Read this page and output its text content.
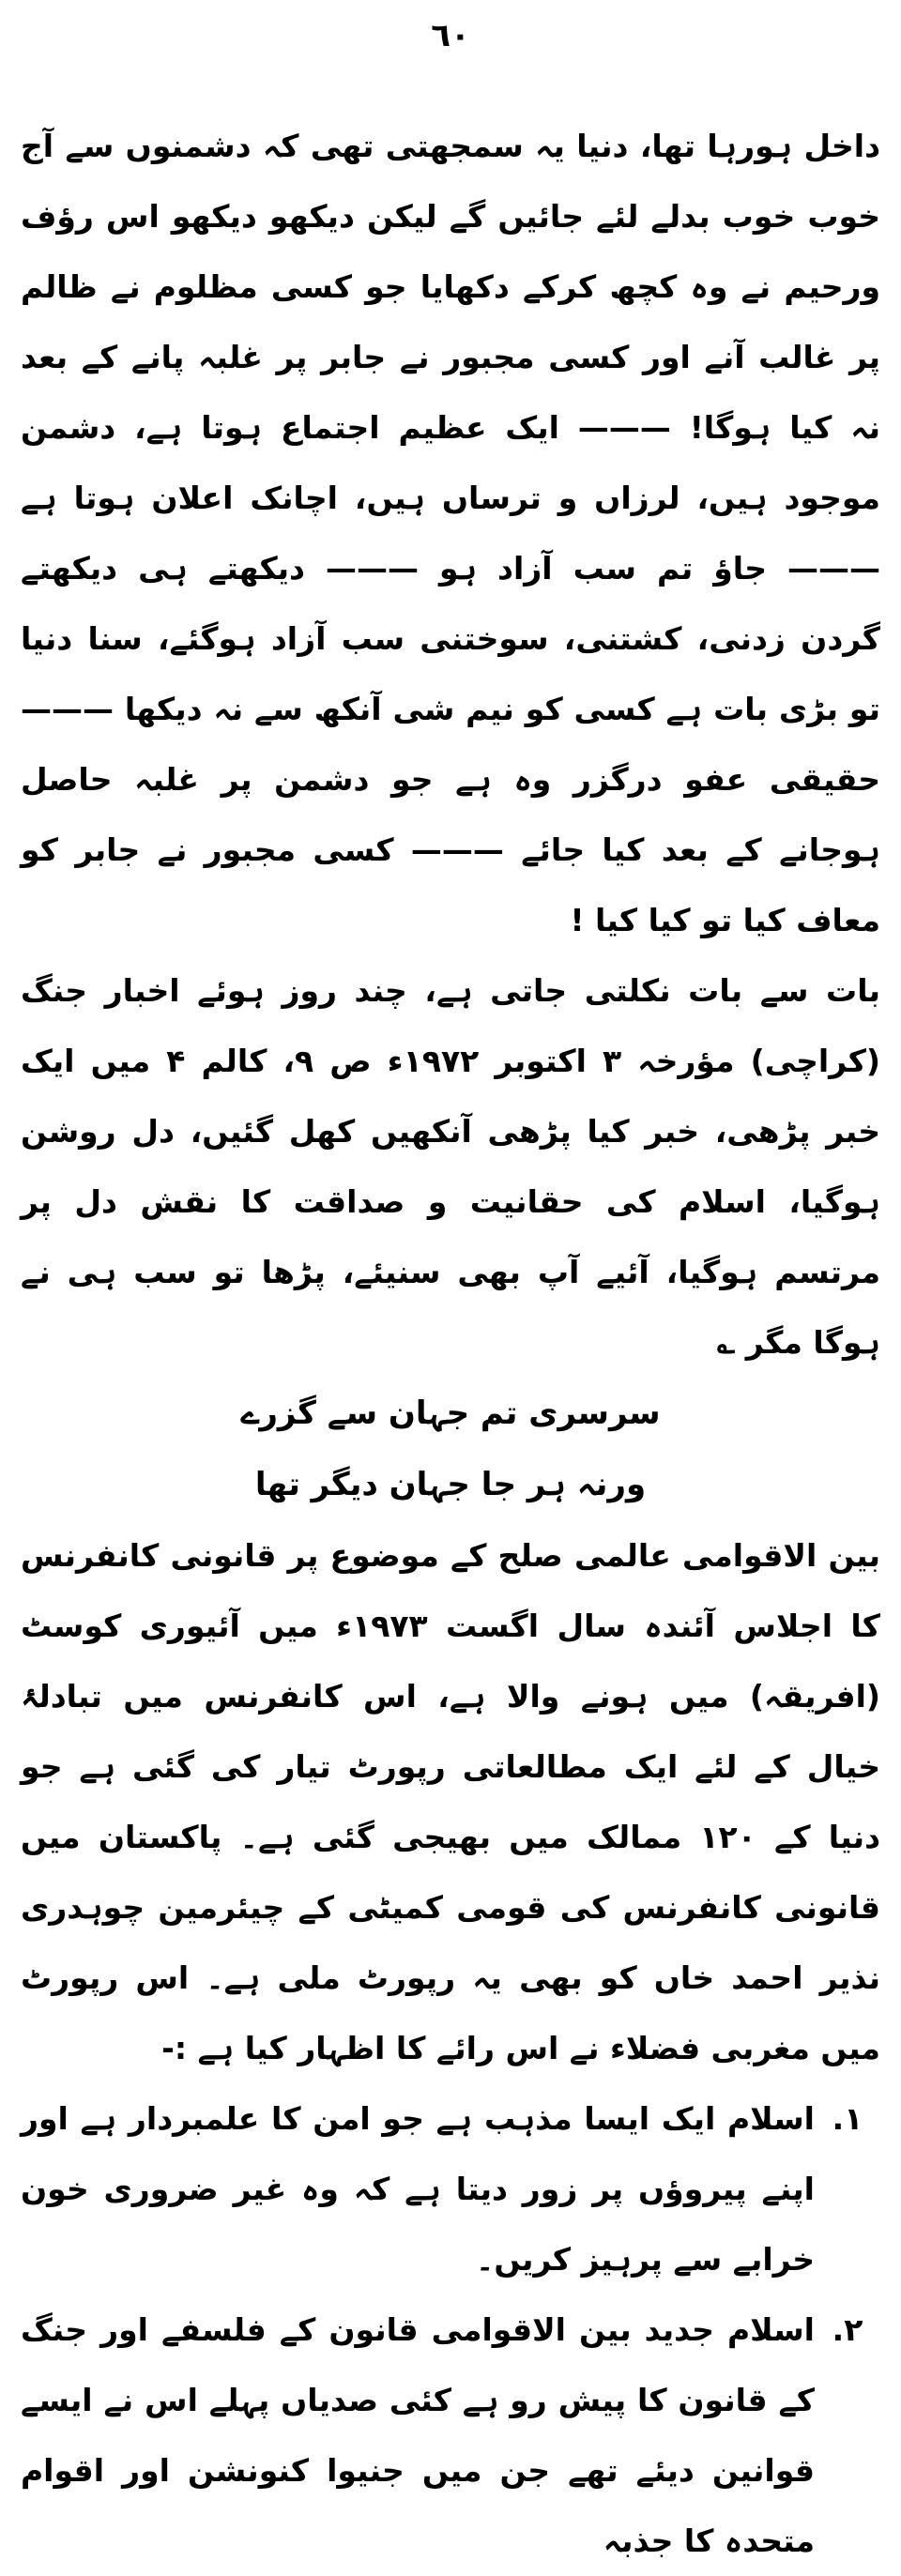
٦٠

داخل ہورہا تھا، دنیا یہ سمجھتی تھی کہ دشمنوں سے آج خوب خوب بدلے لئے جائیں گے لیکن دیکھو دیکھو اس رؤف ورحیم نے وہ کچھ کرکے دکھایا جو کسی مظلوم نے ظالم پر غالب آنے اور کسی مجبور نے جابر پر غلبہ پانے کے بعد نہ کیا ہوگا! ——— ایک عظیم اجتماع ہوتا ہے، دشمن موجود ہیں، لرزاں و ترساں ہیں، اچانک اعلان ہوتا ہے ——— جاؤ تم سب آزاد ہو ——— دیکھتے ہی دیکھتے گردن زدنی، کشتنی، سوختنی سب آزاد ہوگئے، سنا دنیا تو بڑی بات ہے کسی کو نیم شی آنکھ سے نہ دیکھا ——— حقیقی عفو درگزر وہ ہے جو دشمن پر غلبہ حاصل ہوجانے کے بعد کیا جائے ——— کسی مجبور نے جابر کو معاف کیا تو کیا کیا !

بات سے بات نکلتی جاتی ہے، چند روز ہوئے اخبار جنگ (کراچی) مؤرخہ ۳ اکتوبر ۱۹۷۲ء ص ۹، کالم ۴ میں ایک خبر پڑھی، خبر کیا پڑھی آنکھیں کھل گئیں، دل روشن ہوگیا، اسلام کی حقانیت و صداقت کا نقش دل پر مرتسم ہوگیا، آئیے آپ بھی سنیئے، پڑھا تو سب ہی نے ہوگا مگر ؎

سرسری تم جہان سے گزرے

ورنہ ہر جا جہان دیگر تھا

بین الاقوامی عالمی صلح کے موضوع پر قانونی کانفرنس کا اجلاس آئندہ سال اگست ۱۹۷۳ء میں آئیوری کوسٹ (افریقہ) میں ہونے والا ہے، اس کانفرنس میں تبادلۂ خیال کے لئے ایک مطالعاتی رپورٹ تیار کی گئی ہے جو دنیا کے ۱۲۰ ممالک میں بھیجی گئی ہے۔ پاکستان میں قانونی کانفرنس کی قومی کمیٹی کے چیئرمین چوہدری نذیر احمد خاں کو بھی یہ رپورٹ ملی ہے۔ اس رپورٹ میں مغربی فضلاء نے اس رائے کا اظہار کیا ہے :-

۱.
اسلام ایک ایسا مذہب ہے جو امن کا علمبردار ہے اور اپنے پیروؤں پر زور دیتا ہے کہ وہ غیر ضروری خون خرابے سے پرہیز کریں۔
۲.
اسلام جدید بین الاقوامی قانون کے فلسفے اور جنگ کے قانون کا پیش رو ہے کئی صدیاں پہلے اس نے ایسے قوانین دیئے تھے جن میں جنیوا کنونشن اور اقوام متحدہ کا جذبہ
